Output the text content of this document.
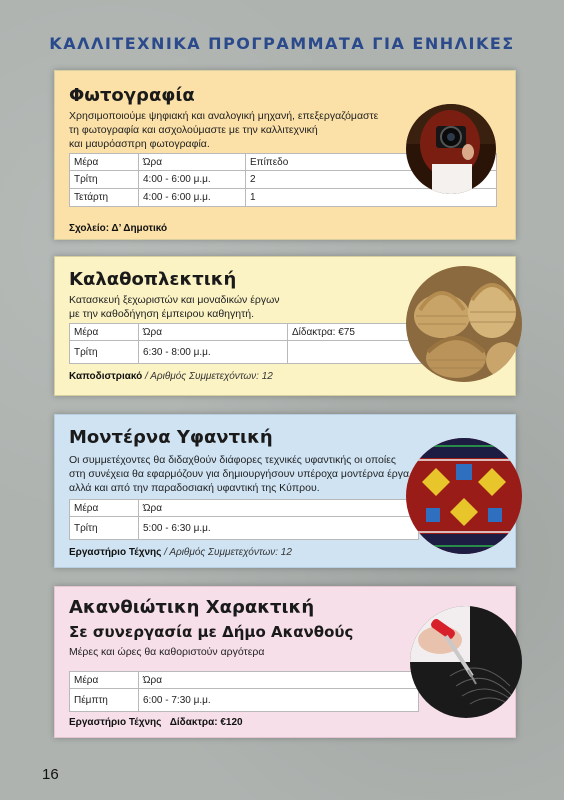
ΚΑΛΛΙΤΕΧΝΙΚΑ ΠΡΟΓΡΑΜΜΑΤΑ ΓΙΑ ΕΝΗΛΙΚΕΣ
Φωτογραφία
Χρησιμοποιούμε ψηφιακή και αναλογική μηχανή, επεξεργαζόμαστε
τη φωτογραφία και ασχολούμαστε με την καλλιτεχνική
και μαυρόασπρη φωτογραφία.
Μέρα	Ώρα	Επίπεδο
Τρίτη	4:00 - 6:00 μ.μ.	2
Τετάρτη	4:00 - 6:00 μ.μ.	1
Σχολείο: Δ’ Δημοτικό
Καλαθοπλεκτική
Κατασκευή ξεχωριστών και μοναδικών έργων
με την καθοδήγηση έμπειρου καθηγητή.
Μέρα	Ώρα	Δίδακτρα: €75
Τρίτη	6:30 - 8:00 μ.μ.	
Καποδιστριακό / Αριθμός Συμμετεχόντων: 12
Μοντέρνα Υφαντική
Οι συμμετέχοντες θα διδαχθούν διάφορες τεχνικές υφαντικής οι οποίες
στη συνέχεια θα εφαρμόζουν για δημιουργήσουν υπέροχα μοντέρνα έργα
αλλά και από την παραδοσιακή υφαντική της Κύπρου.
Μέρα	Ώρα
Τρίτη	5:00 - 6:30 μ.μ.
Εργαστήριο Τέχνης / Αριθμός Συμμετεχόντων: 12
Ακανθιώτικη Χαρακτική
Σε συνεργασία με Δήμο Ακανθούς
Μέρες και ώρες θα καθοριστούν αργότερα
Μέρα	Ώρα
Πέμπτη	6:00 - 7:30 μ.μ.
Εργαστήριο Τέχνης Δίδακτρα: €120
16
